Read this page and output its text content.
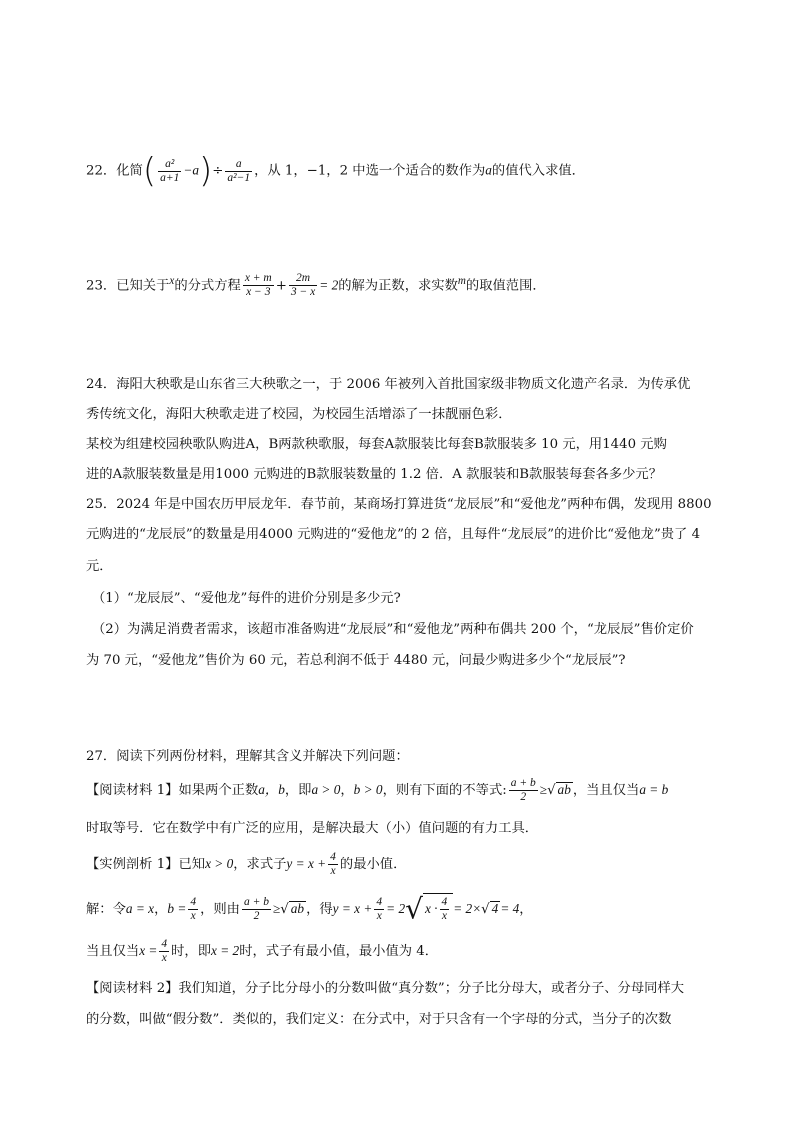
22．化简( $\frac{\text{a²}}{a+1} -a)\div \frac{a}{\text{a²−1}}$ ，从 1，−1，2 中选一个适合的数作为a的值代入求值．
23．已知关于$^x$的分式方程 $\frac{x + m}{x - 3} + \frac{2m}{3 - x} = 2$的解为正数，求实数$^m$的取值范围．
24．海阳大秧歌是山东省三大秧歌之一，于 2006 年被列入首批国家级非物质文化遗产名录．为传承优
秀传统文化，海阳大秧歌走进了校园，为校园生活增添了一抹靓丽色彩．
某校为组建校园秧歌队购进A，B两款秧歌服，每套A款服装比每套B款服装多 10 元，用1440 元购
进的A款服装数量是用1000 元购进的B款服装数量的 1.2 倍．A 款服装和B款服装每套各多少元？
25．2024 年是中国农历甲辰龙年．春节前，某商场打算进货“龙辰辰”和“爱他龙”两种布偶，发现用 8800
元购进的“龙辰辰”的数量是用4000 元购进的“爱他龙”的 2 倍，且每件“龙辰辰”的进价比“爱他龙”贵了 4
元．
（1）“龙辰辰”、“爱他龙”每件的进价分别是多少元?
（2）为满足消费者需求，该超市准备购进“龙辰辰”和“爱他龙”两种布偶共 200 个，“龙辰辰”售价定价
为 70 元，“爱他龙”售价为 60 元，若总利润不低于 4480 元，问最少购进多少个“龙辰辰”?
27．阅读下列两份材料，理解其含义并解决下列问题：
【阅读材料 1】如果两个正数a，b，即a > 0，b > 0，则有下面的不等式: $\frac{a + b}{2}$ ≥√ ab ，当且仅当a = b
时取等号．它在数学中有广泛的应用，是解决最大（小）值问题的有力工具．
【实例剖析 1】已知x > 0，求式子$y = x + \frac{4}{x}$ 的最小值．
解：令a = x，$b = \frac{4}{x}$ ，则由 $\frac{a + b}{2}$ ≥√ ab ，得$y = x + \frac{4}{x} = 2√$ $x \cdot \frac{4}{x} = 2\times√$ 4 = 4，
当且仅当$x = \frac{4}{x}$ 时，即x = 2时，式子有最小值，最小值为 4．
【阅读材料 2】我们知道，分子比分母小的分数叫做“真分数”；分子比分母大，或者分子、分母同样大
的分数，叫做“假分数”．类似的，我们定义：在分式中，对于只含有一个字母的分式，当分子的次数
